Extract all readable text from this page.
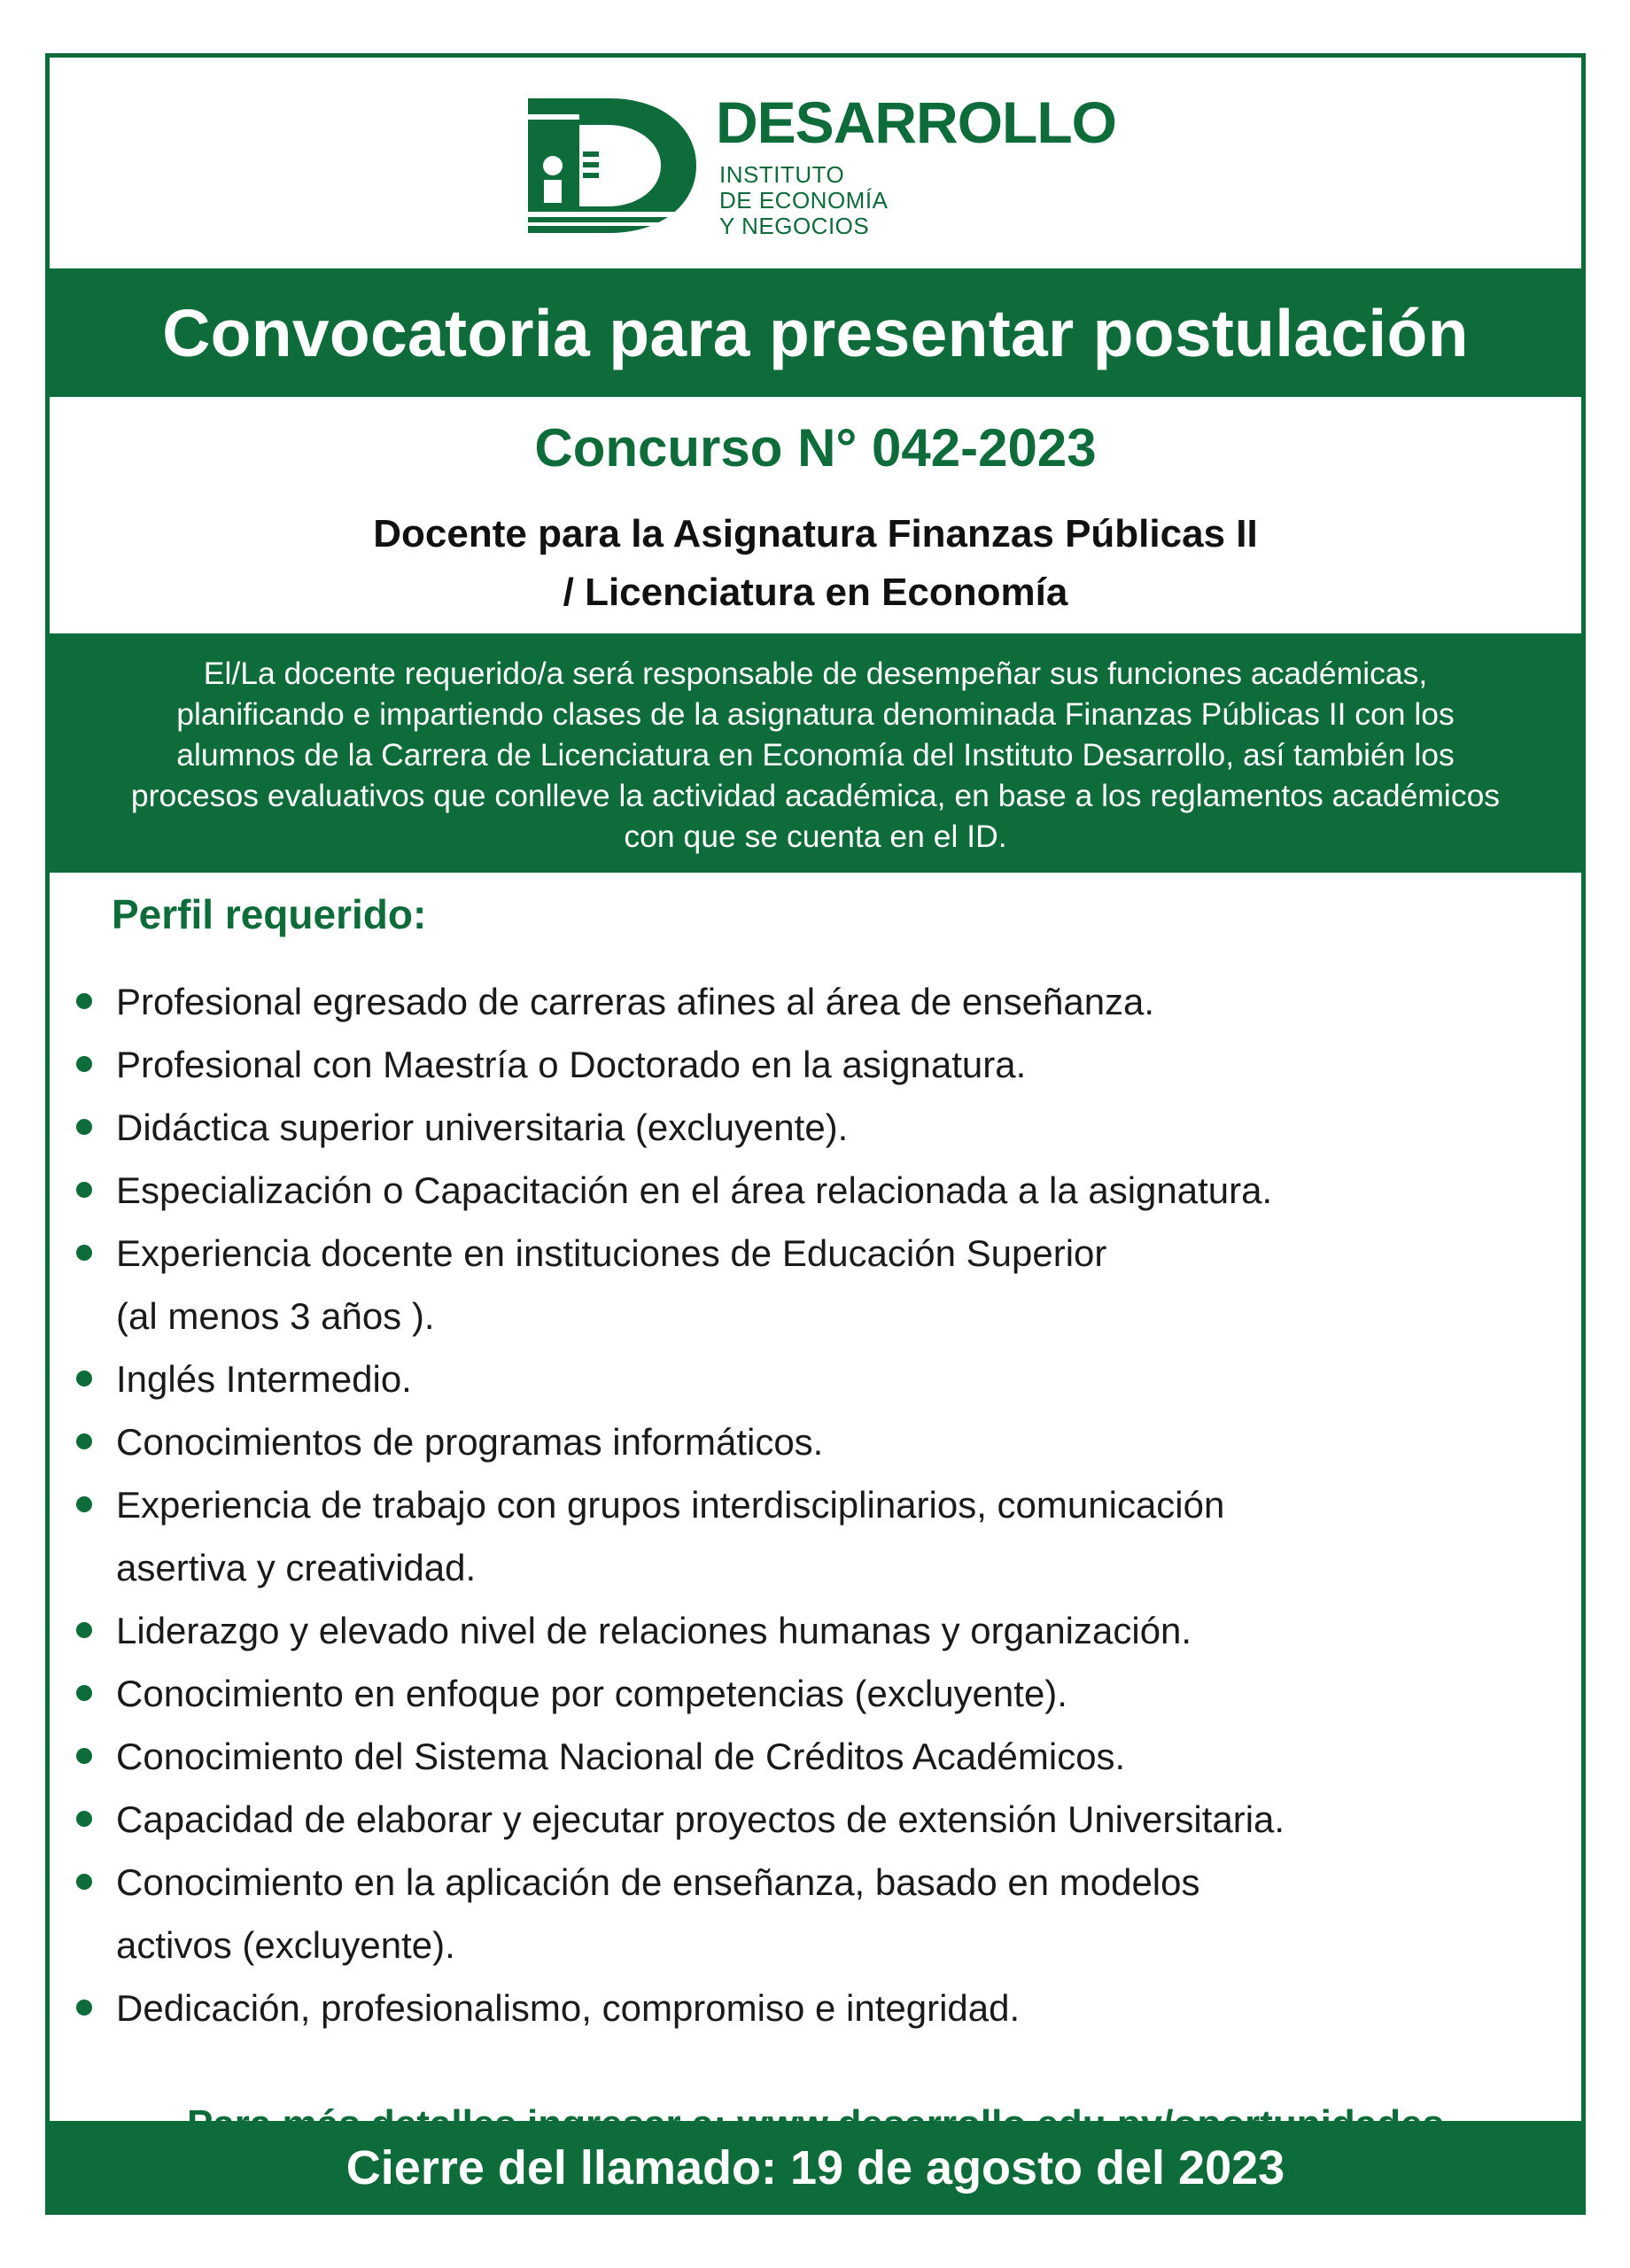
DESARROLLO
INSTITUTO
DE ECONOMÍA
Y NEGOCIOS
Convocatoria para presentar postulación
Concurso N° 042-2023
Docente para la Asignatura Finanzas Públicas II
/ Licenciatura en Economía
El/La docente requerido/a será responsable de desempeñar sus funciones académicas, planificando e impartiendo clases de la asignatura denominada Finanzas Públicas II con los alumnos de la Carrera de Licenciatura en Economía del Instituto Desarrollo, así también los procesos evaluativos que conlleve la actividad académica, en base a los reglamentos académicos con que se cuenta en el ID.
Perfil requerido:
Profesional egresado de carreras afines al área de enseñanza.
Profesional con Maestría o Doctorado en la asignatura.
Didáctica superior universitaria (excluyente).
Especialización o Capacitación en el área relacionada a la asignatura.
Experiencia docente en instituciones de Educación Superior
(al menos 3 años ).
Inglés Intermedio.
Conocimientos de programas informáticos.
Experiencia de trabajo con grupos interdisciplinarios, comunicación
asertiva y creatividad.
Liderazgo y elevado nivel de relaciones humanas y organización.
Conocimiento en enfoque por competencias (excluyente).
Conocimiento del Sistema Nacional de Créditos Académicos.
Capacidad de elaborar y ejecutar proyectos de extensión Universitaria.
Conocimiento en la aplicación de enseñanza, basado en modelos
activos (excluyente).
Dedicación, profesionalismo, compromiso e integridad.
Cierre del llamado: 19 de agosto del 2023
